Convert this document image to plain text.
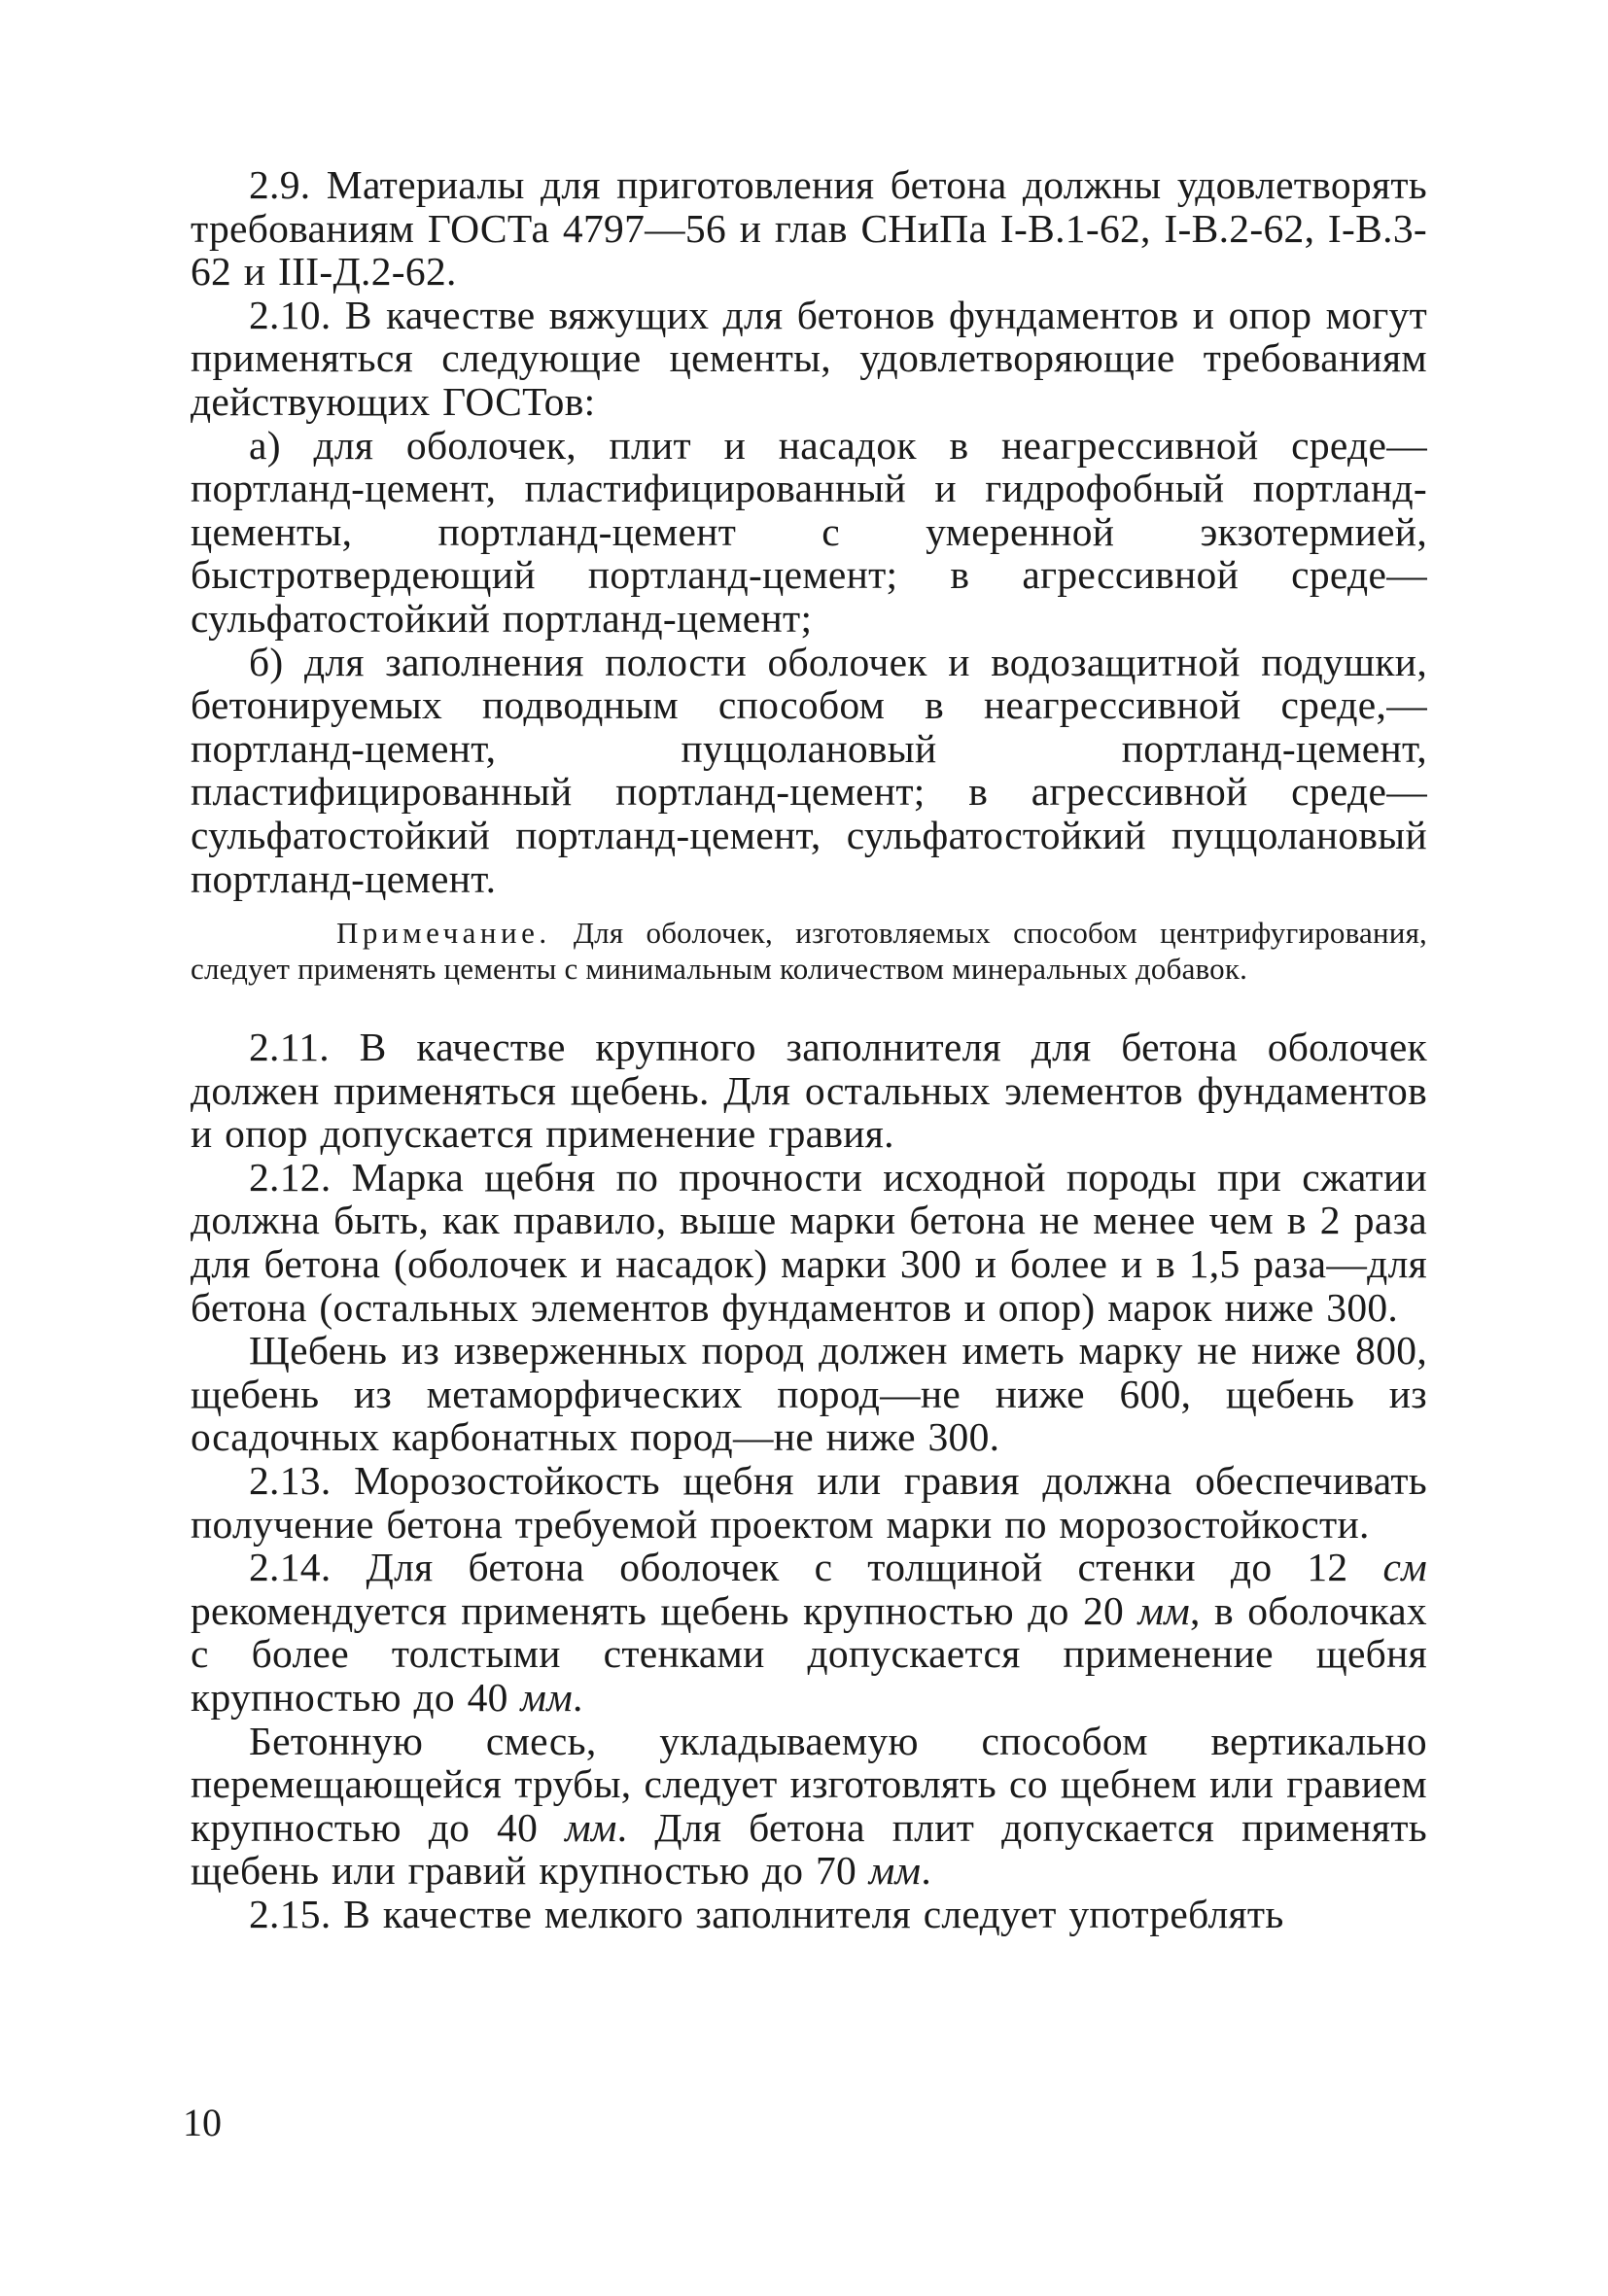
2.9. Материалы для приготовления бетона должны удовлетворять требованиям ГОСТа 4797—56 и глав СНиПа I-В.1-62, I-В.2-62, I-В.3-62 и III-Д.2-62.

2.10. В качестве вяжущих для бетонов фундаментов и опор могут применяться следующие цементы, удовлетворяющие требованиям действующих ГОСТов:

а) для оболочек, плит и насадок в неагрессивной среде—портланд-цемент, пластифицированный и гидрофобный портланд-цементы, портланд-цемент с умеренной экзотермией, быстротвердеющий портланд-цемент; в агрессивной среде—сульфатостойкий портланд-цемент;

б) для заполнения полости оболочек и водозащитной подушки, бетонируемых подводным способом в неагрессивной среде,—портланд-цемент, пуццолановый портланд-цемент, пластифицированный портланд-цемент; в агрессивной среде—сульфатостойкий портланд-цемент, сульфатостойкий пуццолановый портланд-цемент.

Примечание. Для оболочек, изготовляемых способом центрифугирования, следует применять цементы с минимальным количеством минеральных добавок.

2.11. В качестве крупного заполнителя для бетона оболочек должен применяться щебень. Для остальных элементов фундаментов и опор допускается применение гравия.

2.12. Марка щебня по прочности исходной породы при сжатии должна быть, как правило, выше марки бетона не менее чем в 2 раза для бетона (оболочек и насадок) марки 300 и более и в 1,5 раза—для бетона (остальных элементов фундаментов и опор) марок ниже 300.

Щебень из изверженных пород должен иметь марку не ниже 800, щебень из метаморфических пород—не ниже 600, щебень из осадочных карбонатных пород—не ниже 300.

2.13. Морозостойкость щебня или гравия должна обеспечивать получение бетона требуемой проектом марки по морозостойкости.

2.14. Для бетона оболочек с толщиной стенки до 12 см рекомендуется применять щебень крупностью до 20 мм, в оболочках с более толстыми стенками допускается применение щебня крупностью до 40 мм.

Бетонную смесь, укладываемую способом вертикально перемещающейся трубы, следует изготовлять со щебнем или гравием крупностью до 40 мм. Для бетона плит допускается применять щебень или гравий крупностью до 70 мм.

2.15. В качестве мелкого заполнителя следует употреблять

10
